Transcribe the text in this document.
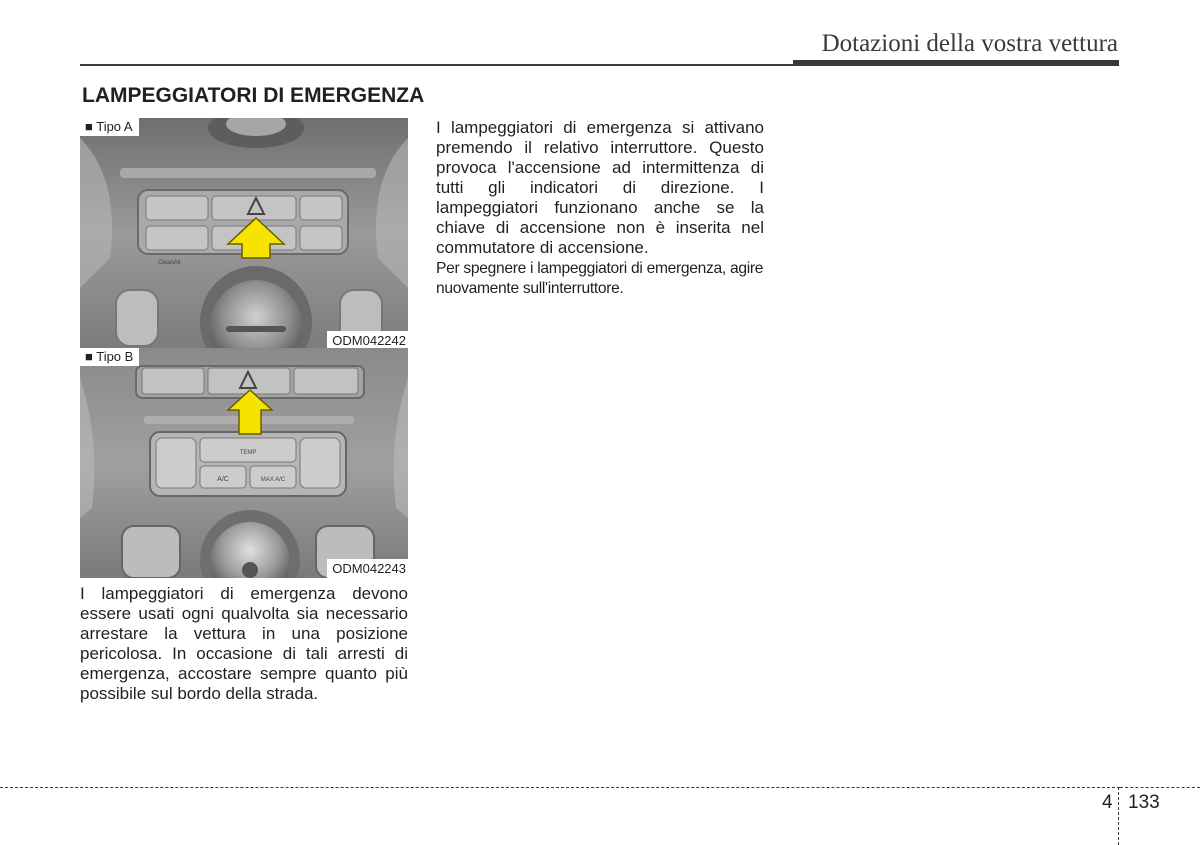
Dotazioni della vostra vettura
LAMPEGGIATORI DI EMERGENZA
CleanAir
■ Tipo A
ODM042242
TEMP
A/C	MAX A/C
■ Tipo B
ODM042243

I lampeggiatori di emergenza devono essere usati ogni qualvolta sia necessario arrestare la vettura in una posizione pericolosa. In occasione di tali arresti di emergenza, accostare sempre quanto più possibile sul bordo della strada.

I lampeggiatori di emergenza si attivano premendo il relativo interruttore. Questo provoca l'accensione ad intermittenza di tutti gli indicatori di direzione. I lampeggiatori funzionano anche se la chiave di accensione non è inserita nel commutatore di accensione.

Per spegnere i lampeggiatori di emergenza, agire nuovamente sull'interruttore.

4 133
